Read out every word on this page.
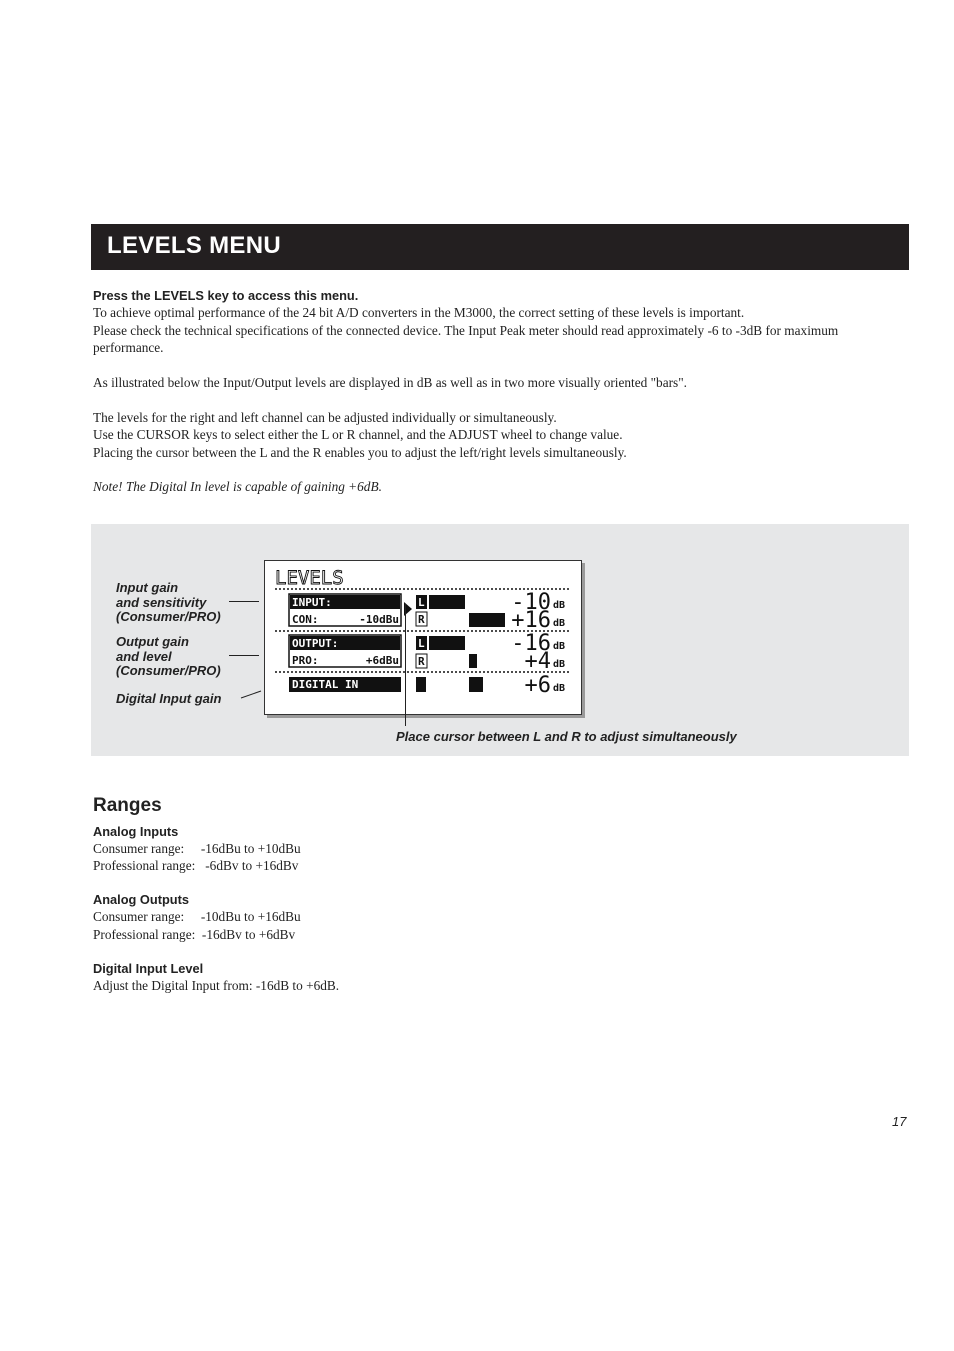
LEVELS MENU

Press the LEVELS key to access this menu.

To achieve optimal performance of the 24 bit A/D converters in the M3000, the correct setting of these levels is important.

Please check the technical specifications of the connected device. The Input Peak meter should read approximately -6 to -3dB for maximum performance.

As illustrated below the Input/Output levels are displayed in dB as well as in two more visually oriented "bars".

The levels for the right and left channel can be adjusted individually or simultaneously.

Use the CURSOR keys to select either the L or R channel, and the ADJUST wheel to change value.

Placing the cursor between the L and the R enables you to adjust the left/right levels simultaneously.

Note! The Digital In level is capable of gaining +6dB.

Input gain
and sensitivity
(Consumer/PRO)

Output gain
and level
(Consumer/PRO)

Digital Input gain

LEVELS
INPUT:
CON:	-10dBu
L
R
-10 dB
+16 dB
OUTPUT:
PRO:	+6dBu
L
R
-16 dB
+4 dB
DIGITAL IN	+6 dB
Place cursor between L and R to adjust simultaneously
Ranges
Analog Inputs
Consumer range:     -16dBu to +10dBu
Professional range:   -6dBv to +16dBv
Analog Outputs
Consumer range:     -10dBu to +16dBu
Professional range:  -16dBv to +6dBv
Digital Input Level
Adjust the Digital Input from: -16dB to +6dB.
17
